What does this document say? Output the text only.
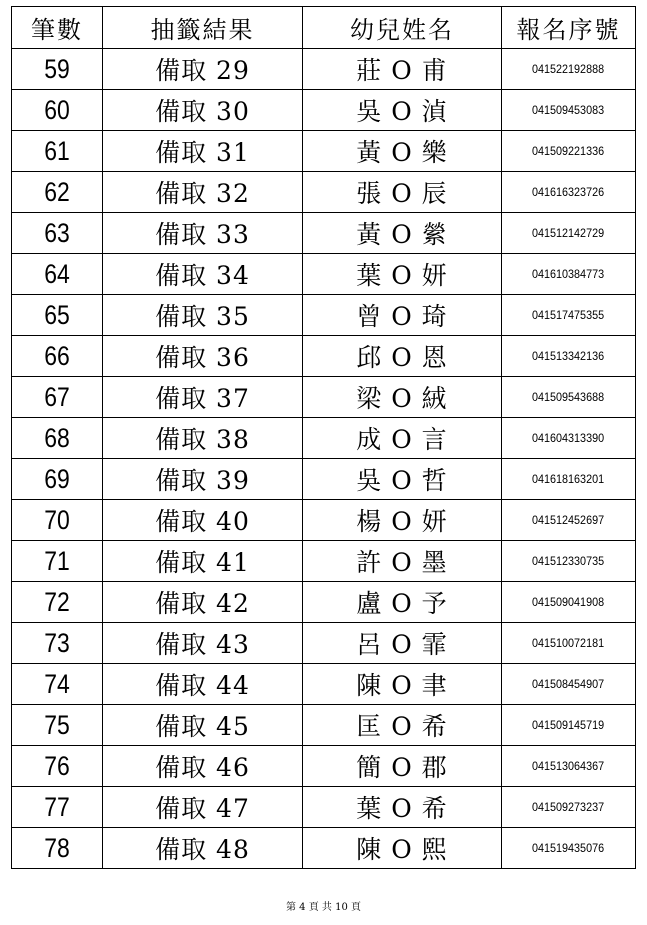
筆數	抽籤結果	幼兒姓名	報名序號
59	備取 29	莊 O 甫	041522192888
60	備取 30	吳 O 湞	041509453083
61	備取 31	黃 O 樂	041509221336
62	備取 32	張 O 辰	041616323726
63	備取 33	黃 O 縈	041512142729
64	備取 34	葉 O 妍	041610384773
65	備取 35	曾 O 琦	041517475355
66	備取 36	邱 O 恩	041513342136
67	備取 37	梁 O 絨	041509543688
68	備取 38	成 O 言	041604313390
69	備取 39	吳 O 哲	041618163201
70	備取 40	楊 O 妍	041512452697
71	備取 41	許 O 墨	041512330735
72	備取 42	盧 O 予	041509041908
73	備取 43	呂 O 霏	041510072181
74	備取 44	陳 O 聿	041508454907
75	備取 45	匡 O 希	041509145719
76	備取 46	簡 O 郡	041513064367
77	備取 47	葉 O 希	041509273237
78	備取 48	陳 O 熙	041519435076
第 4 頁 共 10 頁
